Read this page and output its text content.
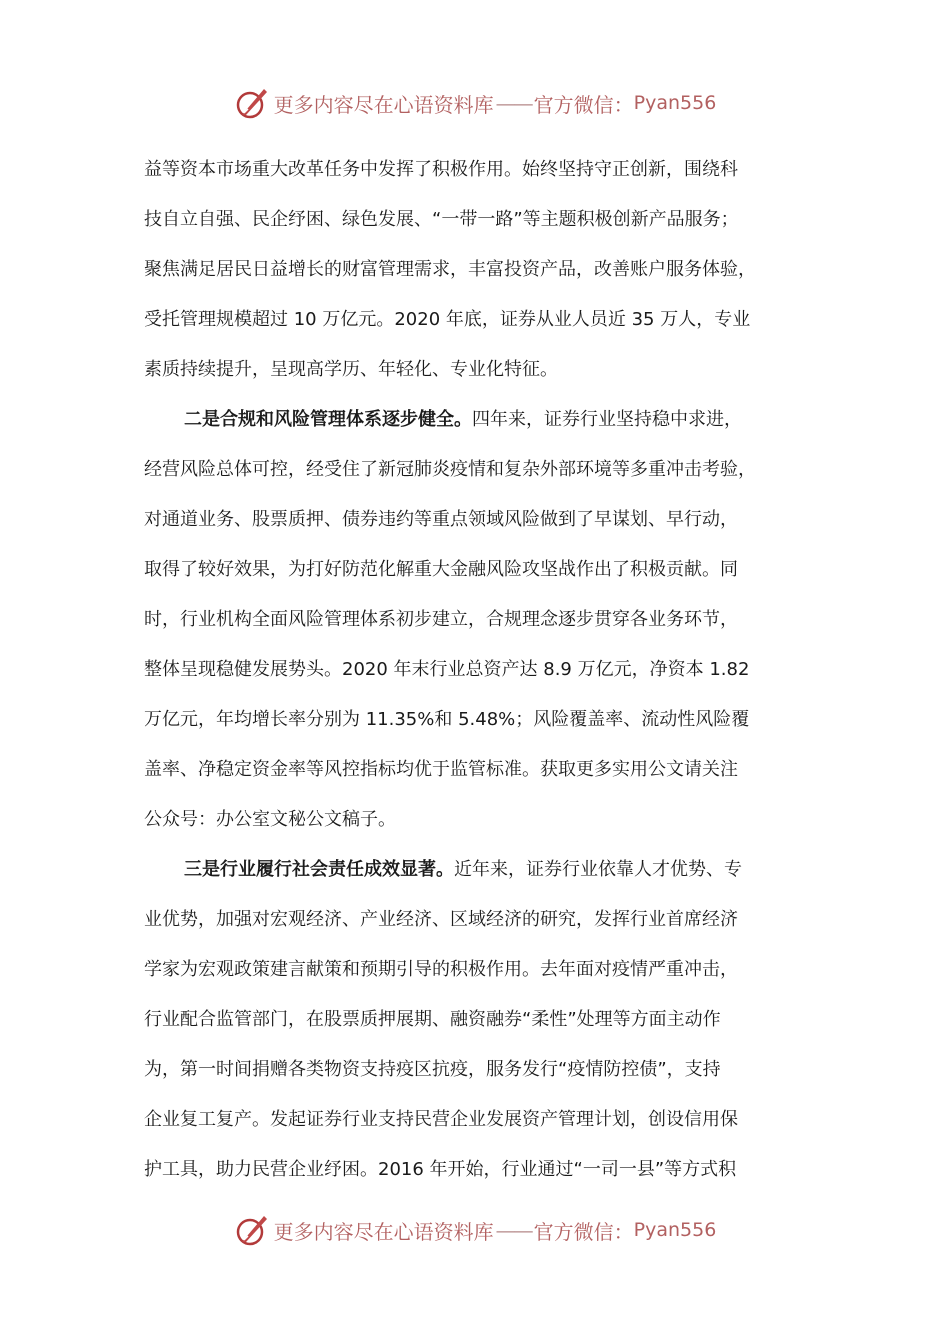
更多内容尽在心语资料库 —— 官方微信： Pyan556
益等资本市场重大改革任务中发挥了积极作用。始终坚持守正创新，围绕科
技自立自强、民企纾困、绿色发展、“一带一路”等主题积极创新产品服务；
聚焦满足居民日益增长的财富管理需求，丰富投资产品，改善账户服务体验，
受托管理规模超过 10 万亿元。2020 年底，证券从业人员近 35 万人，专业
素质持续提升，呈现高学历、年轻化、专业化特征。
二是合规和风险管理体系逐步健全。四年来，证券行业坚持稳中求进，
经营风险总体可控，经受住了新冠肺炎疫情和复杂外部环境等多重冲击考验，
对通道业务、股票质押、债券违约等重点领域风险做到了早谋划、早行动，
取得了较好效果，为打好防范化解重大金融风险攻坚战作出了积极贡献。同
时，行业机构全面风险管理体系初步建立，合规理念逐步贯穿各业务环节，
整体呈现稳健发展势头。2020 年末行业总资产达 8.9 万亿元，净资本 1.82
万亿元，年均增长率分别为 11.35%和 5.48%；风险覆盖率、流动性风险覆
盖率、净稳定资金率等风控指标均优于监管标准。获取更多实用公文请关注
公众号：办公室文秘公文稿子。
三是行业履行社会责任成效显著。近年来，证券行业依靠人才优势、专
业优势，加强对宏观经济、产业经济、区域经济的研究，发挥行业首席经济
学家为宏观政策建言献策和预期引导的积极作用。去年面对疫情严重冲击，
行业配合监管部门，在股票质押展期、融资融券“柔性”处理等方面主动作
为，第一时间捐赠各类物资支持疫区抗疫，服务发行“疫情防控债”，支持
企业复工复产。发起证券行业支持民营企业发展资产管理计划，创设信用保
护工具，助力民营企业纾困。2016 年开始，行业通过“一司一县”等方式积
更多内容尽在心语资料库 —— 官方微信： Pyan556
